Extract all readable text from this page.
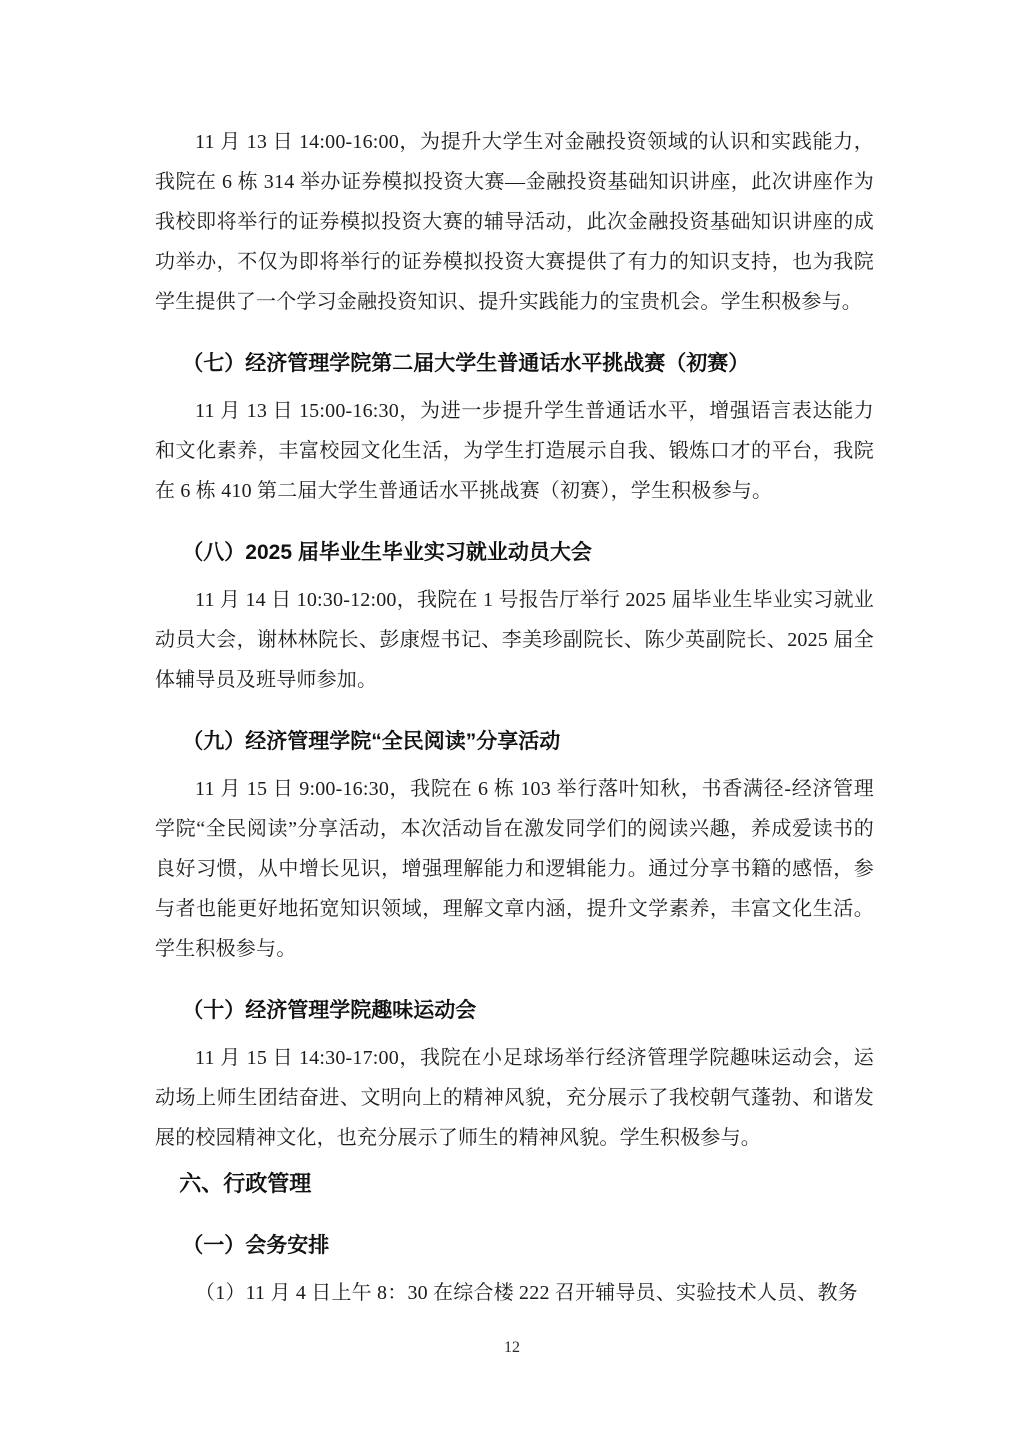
11 月 13 日 14:00-16:00，为提升大学生对金融投资领域的认识和实践能力，我院在 6 栋 314 举办证券模拟投资大赛—金融投资基础知识讲座，此次讲座作为我校即将举行的证券模拟投资大赛的辅导活动，此次金融投资基础知识讲座的成功举办，不仅为即将举行的证券模拟投资大赛提供了有力的知识支持，也为我院学生提供了一个学习金融投资知识、提升实践能力的宝贵机会。学生积极参与。

（七）经济管理学院第二届大学生普通话水平挑战赛（初赛）

11 月 13 日 15:00-16:30，为进一步提升学生普通话水平，增强语言表达能力和文化素养，丰富校园文化生活，为学生打造展示自我、锻炼口才的平台，我院在 6 栋 410 第二届大学生普通话水平挑战赛（初赛），学生积极参与。

（八）2025 届毕业生毕业实习就业动员大会

11 月 14 日 10:30-12:00，我院在 1 号报告厅举行 2025 届毕业生毕业实习就业动员大会，谢林林院长、彭康煜书记、李美珍副院长、陈少英副院长、2025 届全体辅导员及班导师参加。

（九）经济管理学院“全民阅读”分享活动

11 月 15 日 9:00-16:30，我院在 6 栋 103 举行落叶知秋，书香满径-经济管理学院“全民阅读”分享活动，本次活动旨在激发同学们的阅读兴趣，养成爱读书的良好习惯，从中增长见识，增强理解能力和逻辑能力。通过分享书籍的感悟，参与者也能更好地拓宽知识领域，理解文章内涵，提升文学素养，丰富文化生活。学生积极参与。

（十）经济管理学院趣味运动会

11 月 15 日 14:30-17:00，我院在小足球场举行经济管理学院趣味运动会，运动场上师生团结奋进、文明向上的精神风貌，充分展示了我校朝气蓬勃、和谐发展的校园精神文化，也充分展示了师生的精神风貌。学生积极参与。

六、行政管理
（一）会务安排

（1）11 月 4 日上午 8：30 在综合楼 222 召开辅导员、实验技术人员、教务

12
